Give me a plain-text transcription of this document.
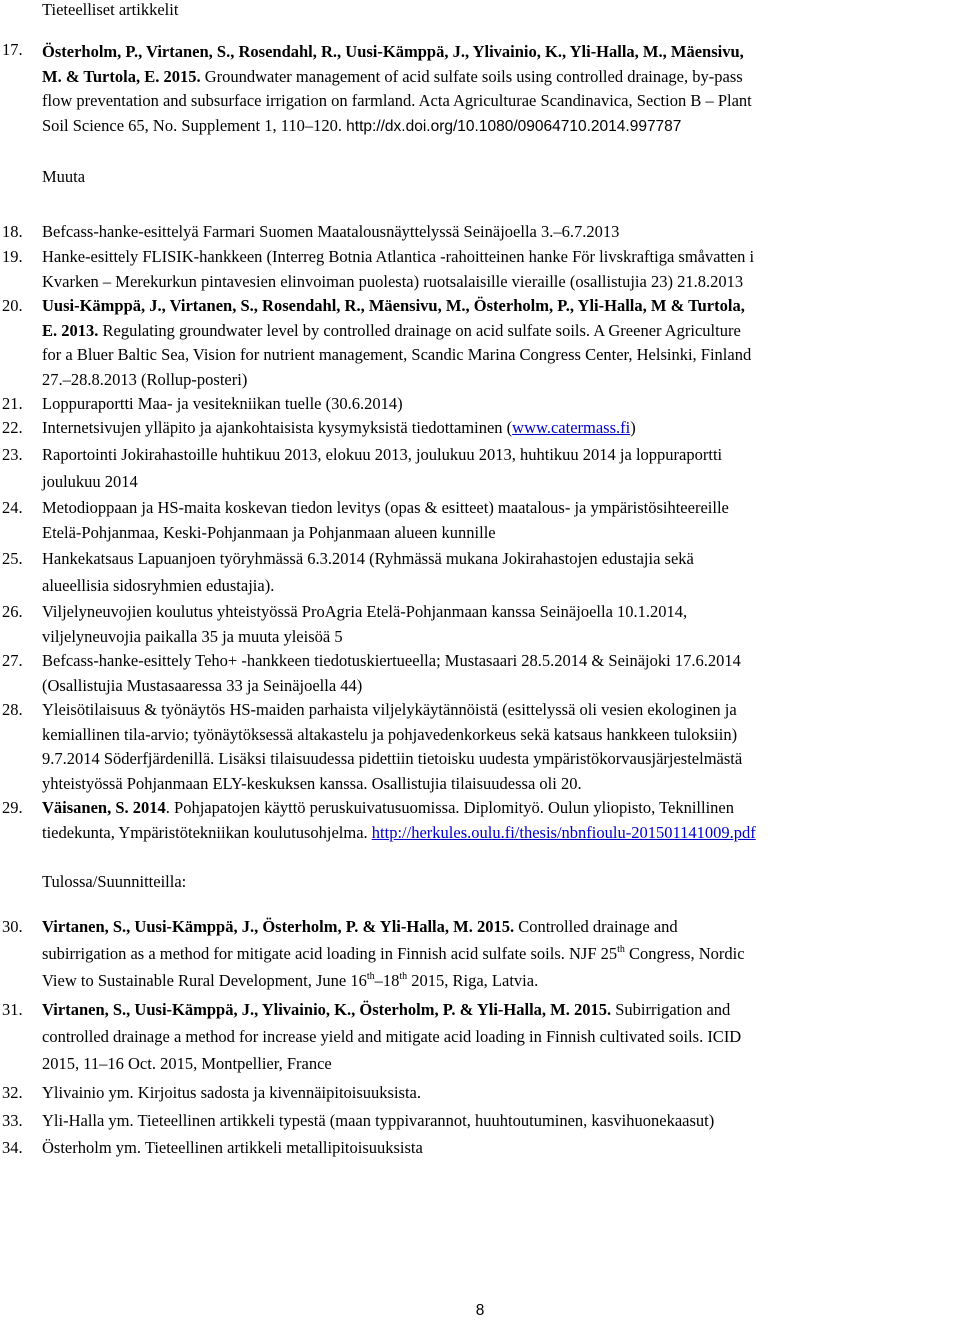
Tieteelliset artikkelit
17. Österholm, P., Virtanen, S., Rosendahl, R., Uusi-Kämppä, J., Ylivainio, K., Yli-Halla, M., Mäensivu,
M. & Turtola, E. 2015. Groundwater management of acid sulfate soils using controlled drainage, by-pass
flow preventation and subsurface irrigation on farmland. Acta Agriculturae Scandinavica, Section B – Plant
Soil Science 65, No. Supplement 1, 110–120. http://dx.doi.org/10.1080/09064710.2014.997787
Muuta
18. Befcass-hanke-esittelyä Farmari Suomen Maatalousnäyttelyssä Seinäjoella 3.–6.7.2013
19. Hanke-esittely FLISIK-hankkeen (Interreg Botnia Atlantica -rahoitteinen hanke För livskraftiga småvatten i
Kvarken – Merekurkun pintavesien elinvoiman puolesta) ruotsalaisille vieraille (osallistujia 23) 21.8.2013
20. Uusi-Kämppä, J., Virtanen, S., Rosendahl, R., Mäensivu, M., Österholm, P., Yli-Halla, M & Turtola,
E. 2013. Regulating groundwater level by controlled drainage on acid sulfate soils. A Greener Agriculture
for a Bluer Baltic Sea, Vision for nutrient management, Scandic Marina Congress Center, Helsinki, Finland
27.–28.8.2013 (Rollup-posteri)
21. Loppuraportti Maa- ja vesitekniikan tuelle (30.6.2014)
22. Internetsivujen ylläpito ja ajankohtaisista kysymyksistä tiedottaminen (www.catermass.fi)
23. Raportointi Jokirahastoille huhtikuu 2013, elokuu 2013, joulukuu 2013, huhtikuu 2014 ja loppuraportti
joulukuu 2014
24. Metodioppaan ja HS-maita koskevan tiedon levitys (opas & esitteet) maatalous- ja ympäristösihteereille
Etelä-Pohjanmaa, Keski-Pohjanmaan ja Pohjanmaan alueen kunnille
25. Hankekatsaus Lapuanjoen työryhmässä 6.3.2014 (Ryhmässä mukana Jokirahastojen edustajia sekä
alueellisia sidosryhmien edustajia).
26. Viljelyneuvojien koulutus yhteistyössä ProAgria Etelä-Pohjanmaan kanssa Seinäjoella 10.1.2014,
viljelyneuvojia paikalla 35 ja muuta yleisöä 5
27. Befcass-hanke-esittely Teho+ -hankkeen tiedotuskiertueella; Mustasaari 28.5.2014 & Seinäjoki 17.6.2014
(Osallistujia Mustasaaressa 33 ja Seinäjoella 44)
28. Yleisötilaisuus & työnäytös HS-maiden parhaista viljelykäytännöistä (esittelyssä oli vesien ekologinen ja
kemiallinen tila-arvio; työnäytöksessä altakastelu ja pohjavedenkorkeus sekä katsaus hankkeen tuloksiin)
9.7.2014 Söderfjärdenillä. Lisäksi tilaisuudessa pidettiin tietoisku uudesta ympäristökorvausjärjestelmästä
yhteistyössä Pohjanmaan ELY-keskuksen kanssa. Osallistujia tilaisuudessa oli 20.
29. Väisanen, S. 2014. Pohjapatojen käyttö peruskuivatusuomissa. Diplomityö. Oulun yliopisto, Teknillinen
tiedekunta, Ympäristötekniikan koulutusohjelma. http://herkules.oulu.fi/thesis/nbnfioulu-201501141009.pdf
Tulossa/Suunnitteilla:
30. Virtanen, S., Uusi-Kämppä, J., Österholm, P. & Yli-Halla, M. 2015. Controlled drainage and
subirrigation as a method for mitigate acid loading in Finnish acid sulfate soils. NJF 25th Congress, Nordic
View to Sustainable Rural Development, June 16th–18th 2015, Riga, Latvia.
31. Virtanen, S., Uusi-Kämppä, J., Ylivainio, K., Österholm, P. & Yli-Halla, M. 2015. Subirrigation and
controlled drainage a method for increase yield and mitigate acid loading in Finnish cultivated soils. ICID
2015, 11–16 Oct. 2015, Montpellier, France
32. Ylivainio ym. Kirjoitus sadosta ja kivennäipitoisuuksista.
33. Yli-Halla ym. Tieteellinen artikkeli typestä (maan typpivarannot, huuhtoutuminen, kasvihuonekaasut)
34. Österholm ym. Tieteellinen artikkeli metallipitoisuuksista
8
